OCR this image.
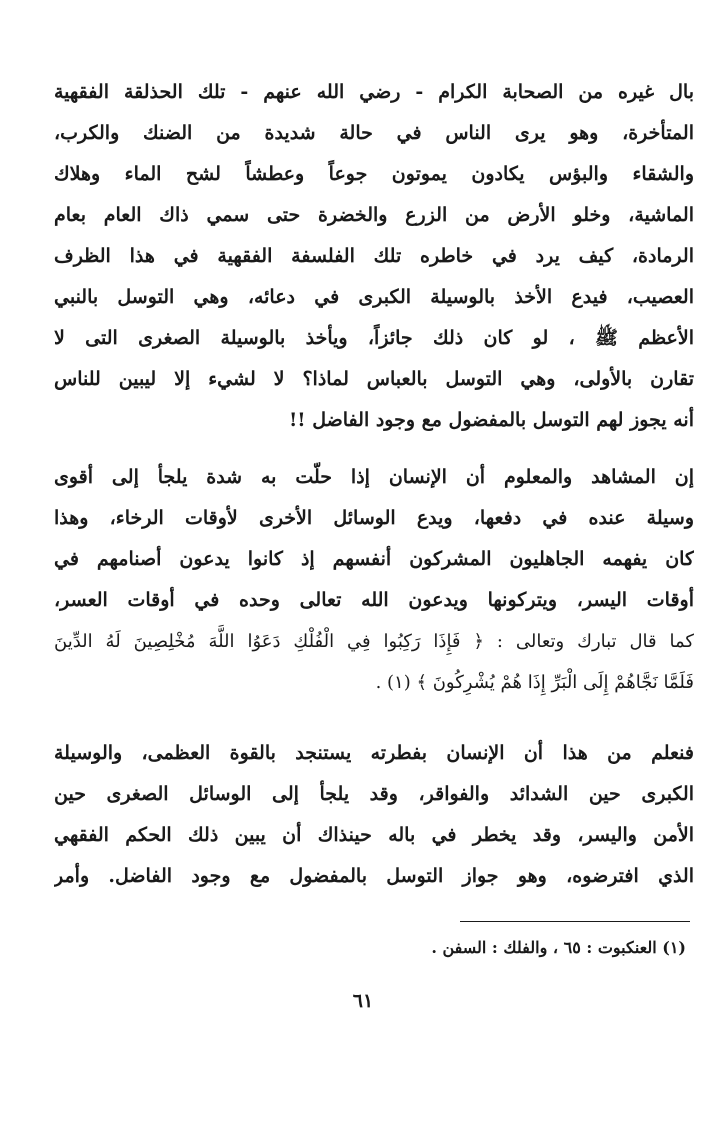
بال غيره من الصحابة الكرام - رضي الله عنهم - تلك الحذلقة الفقهية
المتأخرة، وهو يرى الناس في حالة شديدة من الضنك والكرب،
والشقاء والبؤس يكادون يموتون جوعاً وعطشاً لشح الماء وهلاك
الماشية، وخلو الأرض من الزرع والخضرة حتى سمي ذاك العام بعام
الرمادة، كيف يرد في خاطره تلك الفلسفة الفقهية في هذا الظرف
العصيب، فيدع الأخذ بالوسيلة الكبرى في دعائه، وهي التوسل بالنبي
الأعظم ﷺ ، لو كان ذلك جائزاً، ويأخذ بالوسيلة الصغرى التى لا
تقارن بالأولى، وهي التوسل بالعباس لماذا؟ لا لشيء إلا ليبين للناس
أنه يجوز لهم التوسل بالمفضول مع وجود الفاضل !!
إن المشاهد والمعلوم أن الإنسان إذا حلّت به شدة يلجأ إلى أقوى
وسيلة عنده في دفعها، ويدع الوسائل الأخرى لأوقات الرخاء، وهذا
كان يفهمه الجاهليون المشركون أنفسهم إذ كانوا يدعون أصنامهم في
أوقات اليسر، ويتركونها ويدعون الله تعالى وحده في أوقات العسر،
كما قال تبارك وتعالى : ﴿ فَإِذَا رَكِبُوا فِي الْفُلْكِ دَعَوُا اللَّهَ مُخْلِصِينَ لَهُ الدِّينَ
فَلَمَّا نَجَّاهُمْ إِلَى الْبَرِّ إِذَا هُمْ يُشْرِكُونَ ﴾ (١) .
فنعلم من هذا أن الإنسان بفطرته يستنجد بالقوة العظمى، والوسيلة
الكبرى حين الشدائد والفواقر، وقد يلجأ إلى الوسائل الصغرى حين
الأمن واليسر، وقد يخطر في باله حينذاك أن يبين ذلك الحكم الفقهي
الذي افترضوه، وهو جواز التوسل بالمفضول مع وجود الفاضل. وأمر
(١) العنكبوت : ٦٥ ، والفلك : السفن .
٦١
